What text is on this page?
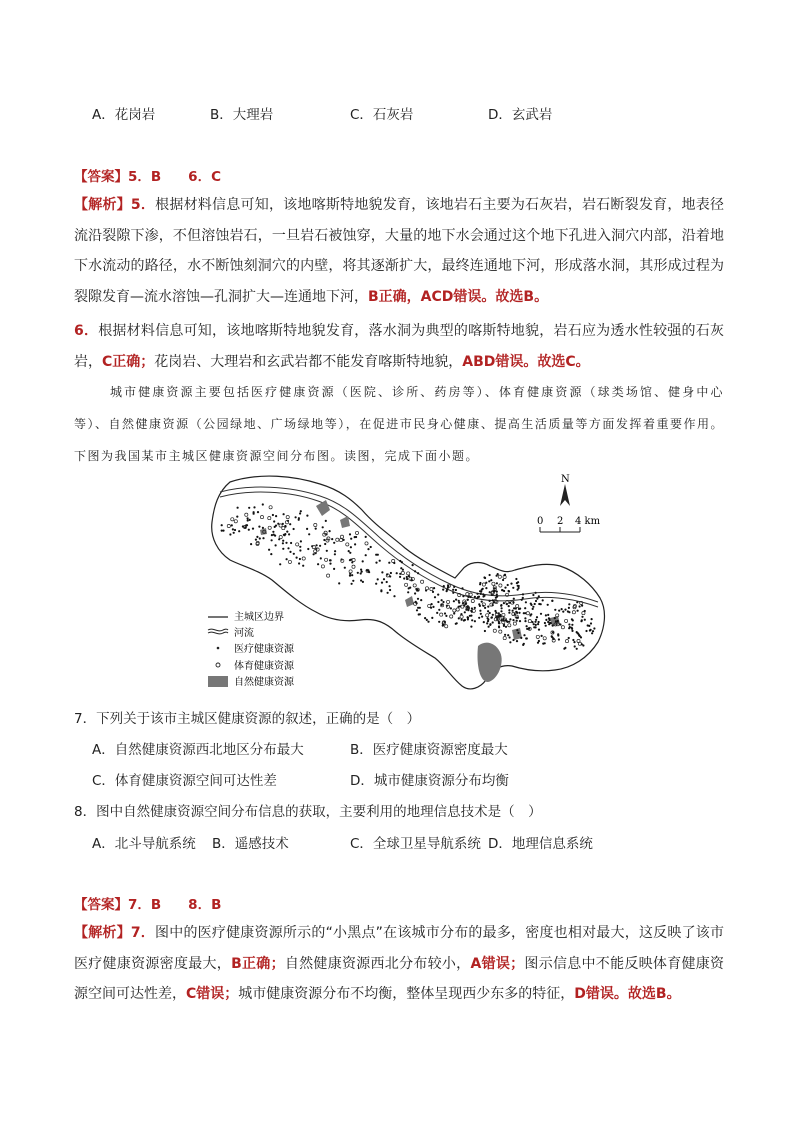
A．花岗岩	B．大理岩	C．石灰岩	D．玄武岩
【答案】5．B　　6．C
【解析】5．根据材料信息可知，该地喀斯特地貌发育，该地岩石主要为石灰岩，岩石断裂发育，地表径流沿裂隙下渗，不但溶蚀岩石，一旦岩石被蚀穿，大量的地下水会通过这个地下孔进入洞穴内部，沿着地下水流动的路径，水不断蚀刻洞穴的内壁，将其逐渐扩大，最终连通地下河，形成落水洞，其形成过程为裂隙发育—流水溶蚀—孔洞扩大—连通地下河，B正确，ACD错误。故选B。
6．根据材料信息可知，该地喀斯特地貌发育，落水洞为典型的喀斯特地貌，岩石应为透水性较强的石灰岩，C正确；花岗岩、大理岩和玄武岩都不能发育喀斯特地貌，ABD错误。故选C。
城市健康资源主要包括医疗健康资源（医院、诊所、药房等）、体育健康资源（球类场馆、健身中心等）、自然健康资源（公园绿地、广场绿地等），在促进市民身心健康、提高生活质量等方面发挥着重要作用。下图为我国某市主城区健康资源空间分布图。读图，完成下面小题。
N
0 2 4 km
主城区边界
河流
医疗健康资源
体育健康资源
自然健康资源
7．下列关于该市主城区健康资源的叙述，正确的是（　）
A．自然健康资源西北地区分布最大	B．医疗健康资源密度最大
C．体育健康资源空间可达性差	D．城市健康资源分布均衡
8．图中自然健康资源空间分布信息的获取，主要利用的地理信息技术是（　）
A．北斗导航系统 B．遥感技术	C．全球卫星导航系统 D．地理信息系统
【答案】7．B　　8．B
【解析】7．图中的医疗健康资源所示的“小黑点”在该城市分布的最多，密度也相对最大，这反映了该市医疗健康资源密度最大，B正确；自然健康资源西北分布较小，A错误；图示信息中不能反映体育健康资源空间可达性差，C错误；城市健康资源分布不均衡，整体呈现西少东多的特征，D错误。故选B。
